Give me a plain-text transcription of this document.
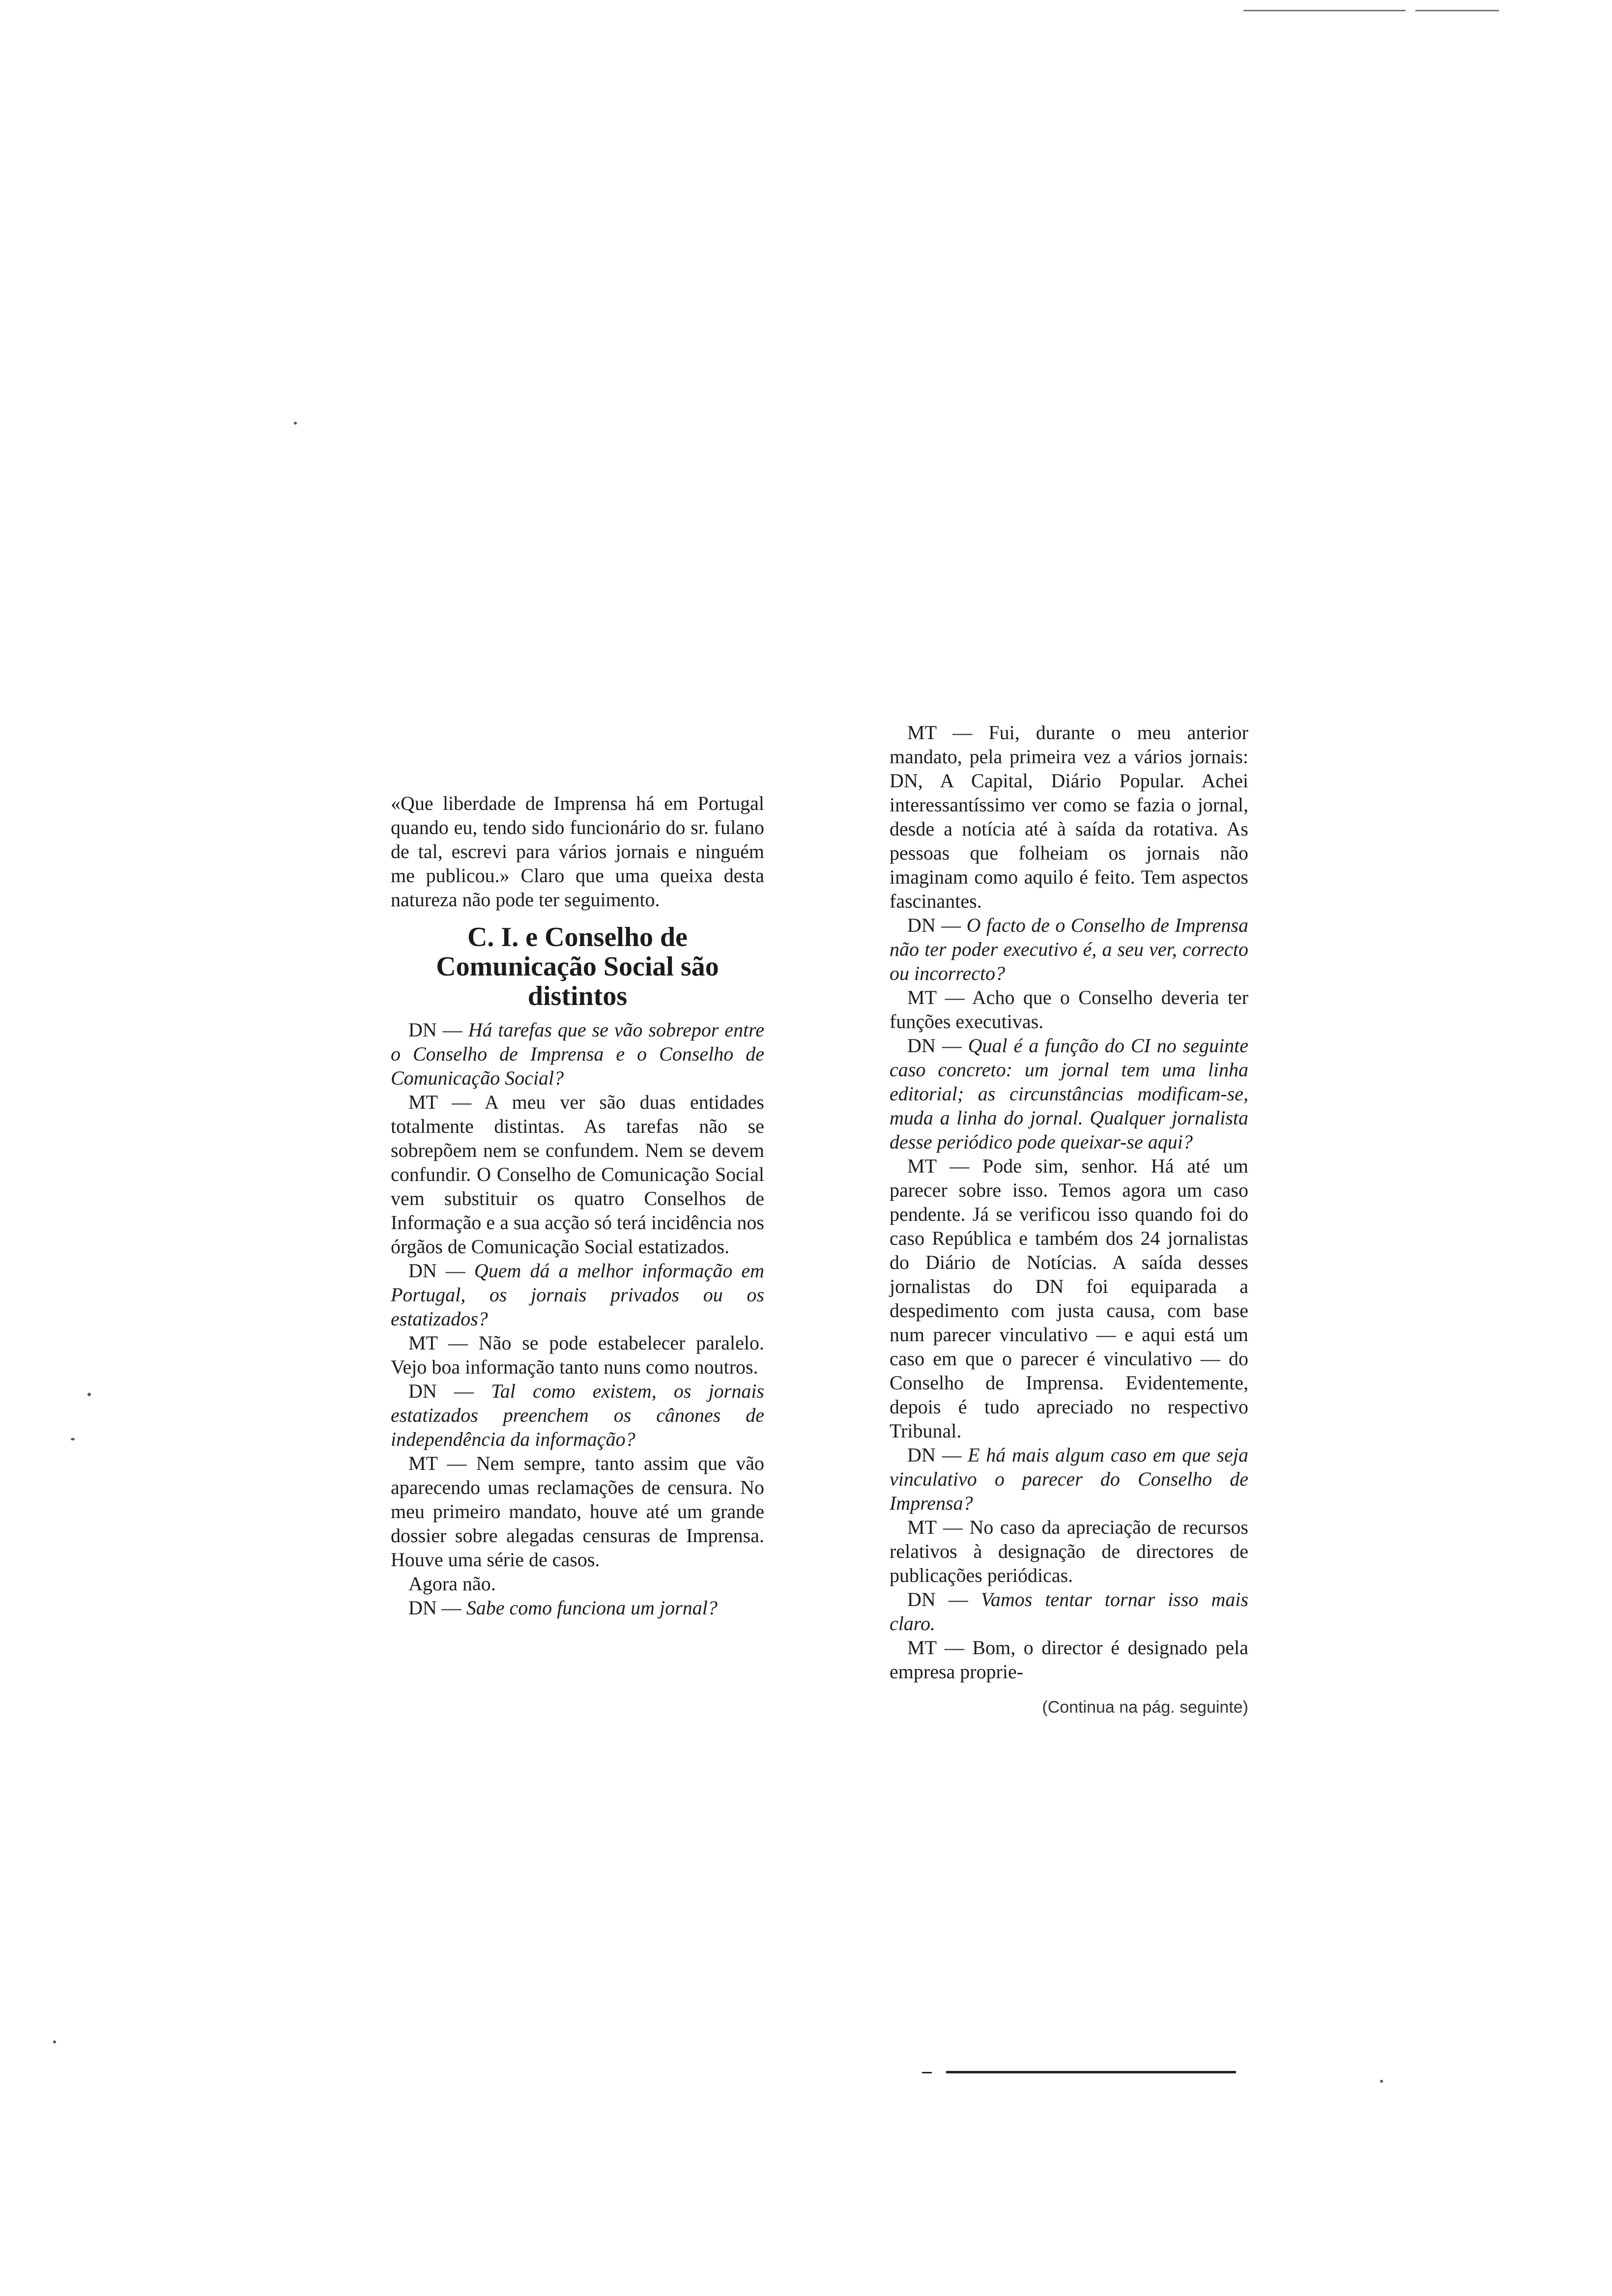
«Que liberdade de Imprensa há em Portugal quando eu, tendo sido funcionário do sr. fulano de tal, escrevi para vários jornais e ninguém me publicou.» Claro que uma queixa desta natureza não pode ter seguimento.

C. I. e Conselho de Comunicação Social são distintos

DN — Há tarefas que se vão sobrepor entre o Conselho de Imprensa e o Conselho de Comunicação Social?

MT — A meu ver são duas entidades totalmente distintas. As tarefas não se sobrepõem nem se confundem. Nem se devem confundir. O Conselho de Comunicação Social vem substituir os quatro Conselhos de Informação e a sua acção só terá incidência nos órgãos de Comunicação Social estatizados.

DN — Quem dá a melhor informação em Portugal, os jornais privados ou os estatizados?

MT — Não se pode estabelecer paralelo. Vejo boa informação tanto nuns como noutros.

DN — Tal como existem, os jornais estatizados preenchem os cânones de independência da informação?

MT — Nem sempre, tanto assim que vão aparecendo umas reclamações de censura. No meu primeiro mandato, houve até um grande dossier sobre alegadas censuras de Imprensa. Houve uma série de casos.

Agora não.

DN — Sabe como funciona um jornal?

MT — Fui, durante o meu anterior mandato, pela primeira vez a vários jornais: DN, A Capital, Diário Popular. Achei interessantíssimo ver como se fazia o jornal, desde a notícia até à saída da rotativa. As pessoas que folheiam os jornais não imaginam como aquilo é feito. Tem aspectos fascinantes.

DN — O facto de o Conselho de Imprensa não ter poder executivo é, a seu ver, correcto ou incorrecto?

MT — Acho que o Conselho deveria ter funções executivas.

DN — Qual é a função do CI no seguinte caso concreto: um jornal tem uma linha editorial; as circunstâncias modificam-se, muda a linha do jornal. Qualquer jornalista desse periódico pode queixar-se aqui?

MT — Pode sim, senhor. Há até um parecer sobre isso. Temos agora um caso pendente. Já se verificou isso quando foi do caso República e também dos 24 jornalistas do Diário de Notícias. A saída desses jornalistas do DN foi equiparada a despedimento com justa causa, com base num parecer vinculativo — e aqui está um caso em que o parecer é vinculativo — do Conselho de Imprensa. Evidentemente, depois é tudo apreciado no respectivo Tribunal.

DN — E há mais algum caso em que seja vinculativo o parecer do Conselho de Imprensa?

MT — No caso da apreciação de recursos relativos à designação de directores de publicações periódicas.

DN — Vamos tentar tornar isso mais claro.

MT — Bom, o director é designado pela empresa proprie-

(Continua na pág. seguinte)
